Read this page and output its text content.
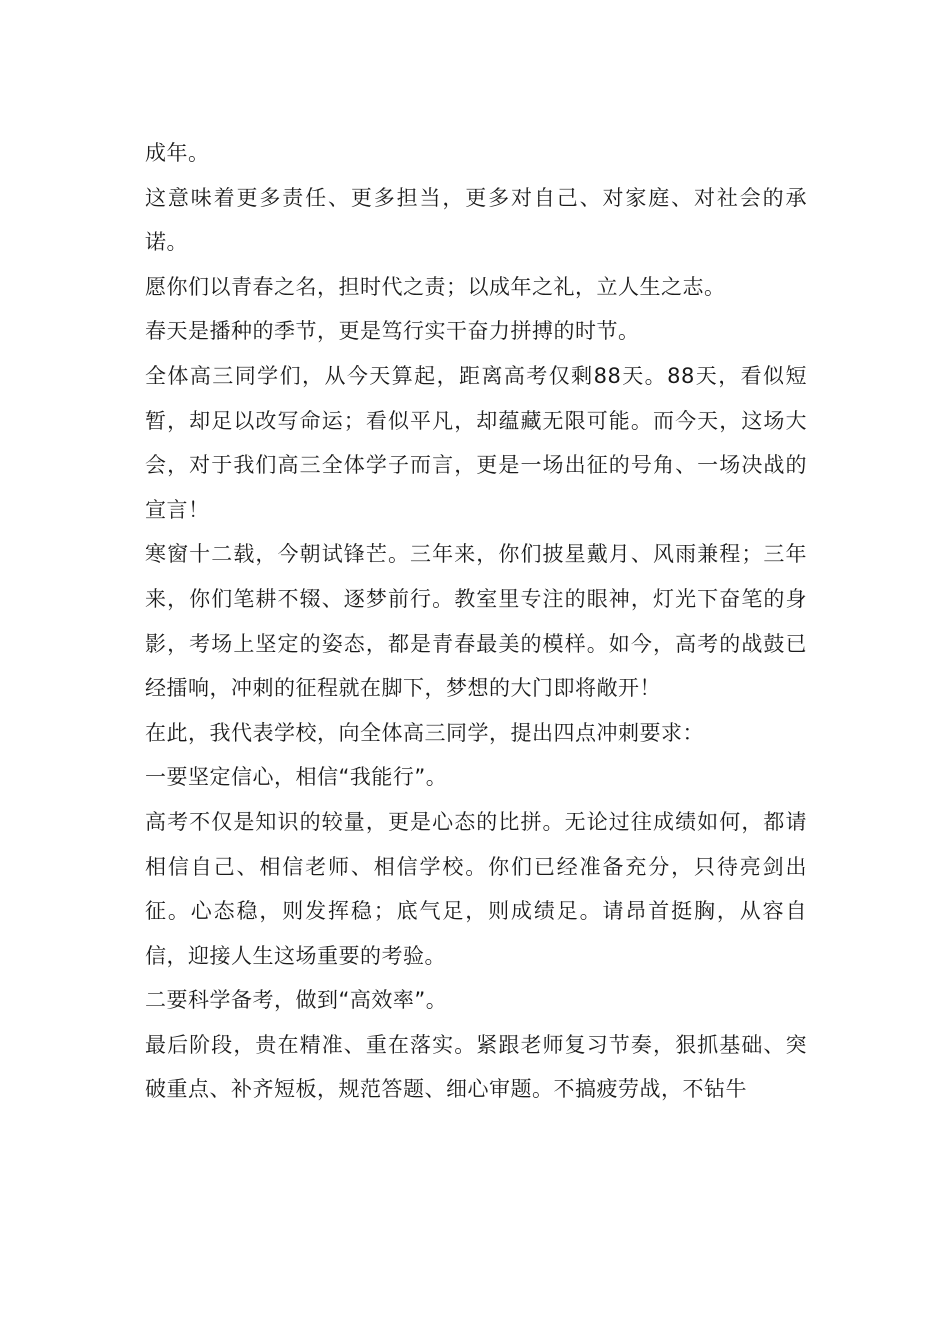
成年。

这意味着更多责任、更多担当，更多对自己、对家庭、对社会的承诺。

愿你们以青春之名，担时代之责；以成年之礼，立人生之志。

春天是播种的季节，更是笃行实干奋力拼搏的时节。

全体高三同学们，从今天算起，距离高考仅剩88天。88天，看似短暂，却足以改写命运；看似平凡，却蕴藏无限可能。而今天，这场大会，对于我们高三全体学子而言，更是一场出征的号角、一场决战的宣言！

寒窗十二载，今朝试锋芒。三年来，你们披星戴月、风雨兼程；三年来，你们笔耕不辍、逐梦前行。教室里专注的眼神，灯光下奋笔的身影，考场上坚定的姿态，都是青春最美的模样。如今，高考的战鼓已经擂响，冲刺的征程就在脚下，梦想的大门即将敞开！

在此，我代表学校，向全体高三同学，提出四点冲刺要求：

一要坚定信心，相信“我能行”。

高考不仅是知识的较量，更是心态的比拼。无论过往成绩如何，都请相信自己、相信老师、相信学校。你们已经准备充分，只待亮剑出征。心态稳，则发挥稳；底气足，则成绩足。请昂首挺胸，从容自信，迎接人生这场重要的考验。

二要科学备考，做到“高效率”。

最后阶段，贵在精准、重在落实。紧跟老师复习节奏，狠抓基础、突破重点、补齐短板，规范答题、细心审题。不搞疲劳战，不钻牛
